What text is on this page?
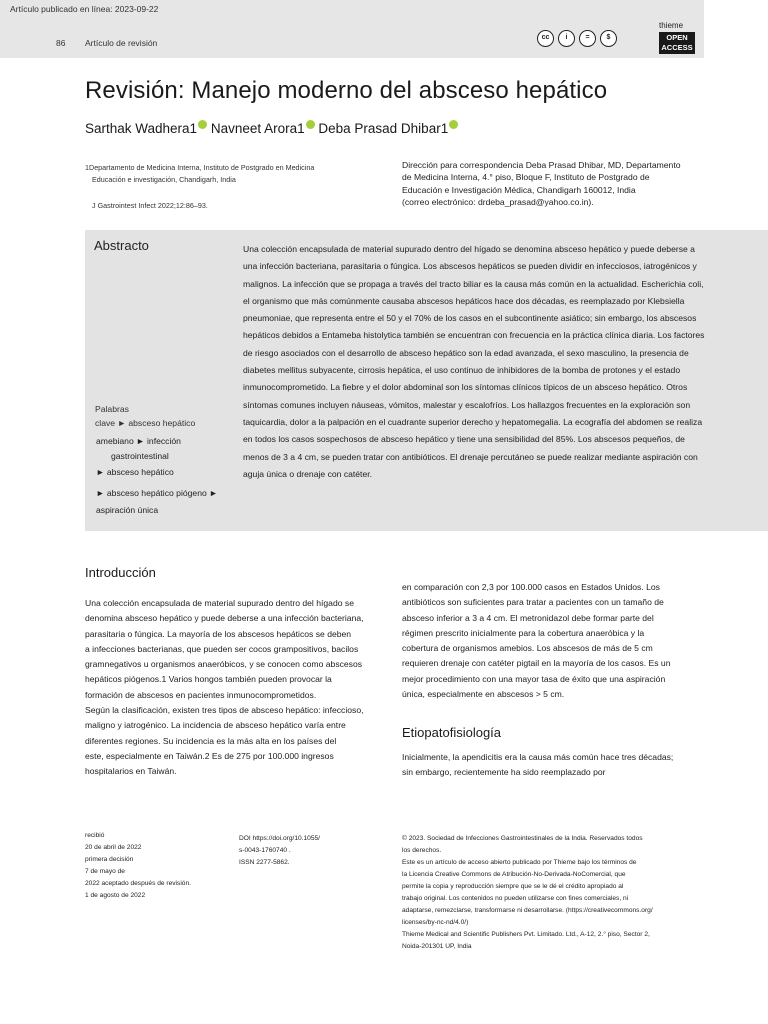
Artículo publicado en línea: 2023-09-22
86 Artículo de revisión
cc	i	=	$
thieme
OPEN
ACCESS
Revisión: Manejo moderno del absceso hepático
Sarthak Wadhera1 Navneet Arora1 Deba Prasad Dhibar1
1Departamento de Medicina Interna, Instituto de Postgrado en Medicina
Educación e investigación, Chandigarh, India
J Gastrointest Infect 2022;12:86–93.
Dirección para correspondencia Deba Prasad Dhibar, MD, Departamento
de Medicina Interna, 4.° piso, Bloque F, Instituto de Postgrado de
Educación e Investigación Médica, Chandigarh 160012, India
(correo electrónico: drdeba_prasad@yahoo.co.in).
Abstracto	Una colección encapsulada de material supurado dentro del hígado se denomina absceso hepático y puede deberse a una infección bacteriana, parasitaria o fúngica. Los abscesos hepáticos se pueden dividir en infecciosos, iatrogénicos y malignos. La infección que se propaga a través del tracto biliar es la causa más común en la actualidad. Escherichia coli, el organismo que más comúnmente causaba abscesos hepáticos hace dos décadas, es reemplazado por Klebsiella pneumoniae, que representa entre el 50 y el 70% de los casos en el subcontinente asiático; sin embargo, los abscesos hepáticos debidos a Entameba histolytica también se encuentran con frecuencia en la práctica clínica diaria. Los factores de riesgo asociados con el desarrollo de absceso hepático son la edad avanzada, el sexo masculino, la presencia de diabetes mellitus subyacente, cirrosis hepática, el uso continuo de inhibidores de la bomba de protones y el estado inmunocomprometido. La fiebre y el dolor abdominal son los síntomas clínicos típicos de un absceso hepático. Otros síntomas comunes incluyen náuseas, vómitos, malestar y escalofríos. Los hallazgos frecuentes en la exploración son taquicardia, dolor a la palpación en el cuadrante superior derecho y hepatomegalia. La ecografía del abdomen se realiza en todos los casos sospechosos de absceso hepático y tiene una sensibilidad del 85%. Los abscesos pequeños, de menos de 3 a 4 cm, se pueden tratar con antibióticos. El drenaje percutáneo se puede realizar mediante aspiración con aguja única o drenaje con catéter.
Palabras
clave ► absceso hepático
amebiano ► infección
gastrointestinal
► absceso hepático
► absceso hepático piógeno ►
aspiración única
Introducción
Una colección encapsulada de material supurado dentro del hígado se
denomina absceso hepático y puede deberse a una infección bacteriana,
parasitaria o fúngica. La mayoría de los abscesos hepáticos se deben
a infecciones bacterianas, que pueden ser cocos grampositivos, bacilos
gramnegativos u organismos anaeróbicos, y se conocen como abscesos
hepáticos piógenos.1 Varios hongos también pueden provocar la
formación de abscesos en pacientes inmunocomprometidos.
Según la clasificación, existen tres tipos de absceso hepático: infeccioso,
maligno y iatrogénico. La incidencia de absceso hepático varía entre
diferentes regiones. Su incidencia es la más alta en los países del
este, especialmente en Taiwán.2 Es de 275 por 100.000 ingresos
hospitalarios en Taiwán.
en comparación con 2,3 por 100.000 casos en Estados Unidos. Los
antibióticos son suficientes para tratar a pacientes con un tamaño de
absceso inferior a 3 a 4 cm. El metronidazol debe formar parte del
régimen prescrito inicialmente para la cobertura anaeróbica y la
cobertura de organismos amebios. Los abscesos de más de 5 cm
requieren drenaje con catéter pigtail en la mayoría de los casos. Es un
mejor procedimiento con una mayor tasa de éxito que una aspiración
única, especialmente en abscesos > 5 cm.
Etiopatofisiología
Inicialmente, la apendicitis era la causa más común hace tres décadas;
sin embargo, recientemente ha sido reemplazado por
recibió
20 de abril de 2022
primera decisión
7 de mayo de
2022 aceptado después de revisión.
1 de agosto de 2022
DOI https://doi.org/10.1055/
s-0043-1760740 .
ISSN 2277-5862.
© 2023. Sociedad de Infecciones Gastrointestinales de la India. Reservados todos
los derechos.
Este es un artículo de acceso abierto publicado por Thieme bajo los términos de
la Licencia Creative Commons de Atribución-No-Derivada-NoComercial, que
permite la copia y reproducción siempre que se le dé el crédito apropiado al
trabajo original. Los contenidos no pueden utilizarse con fines comerciales, ni
adaptarse, remezclarse, transformarse ni desarrollarse. (https://creativecommons.org/
licenses/by-nc-nd/4.0/)
Thieme Medical and Scientific Publishers Pvt. Limitado. Ltd., A-12, 2.° piso, Sector 2,
Noida-201301 UP, India
